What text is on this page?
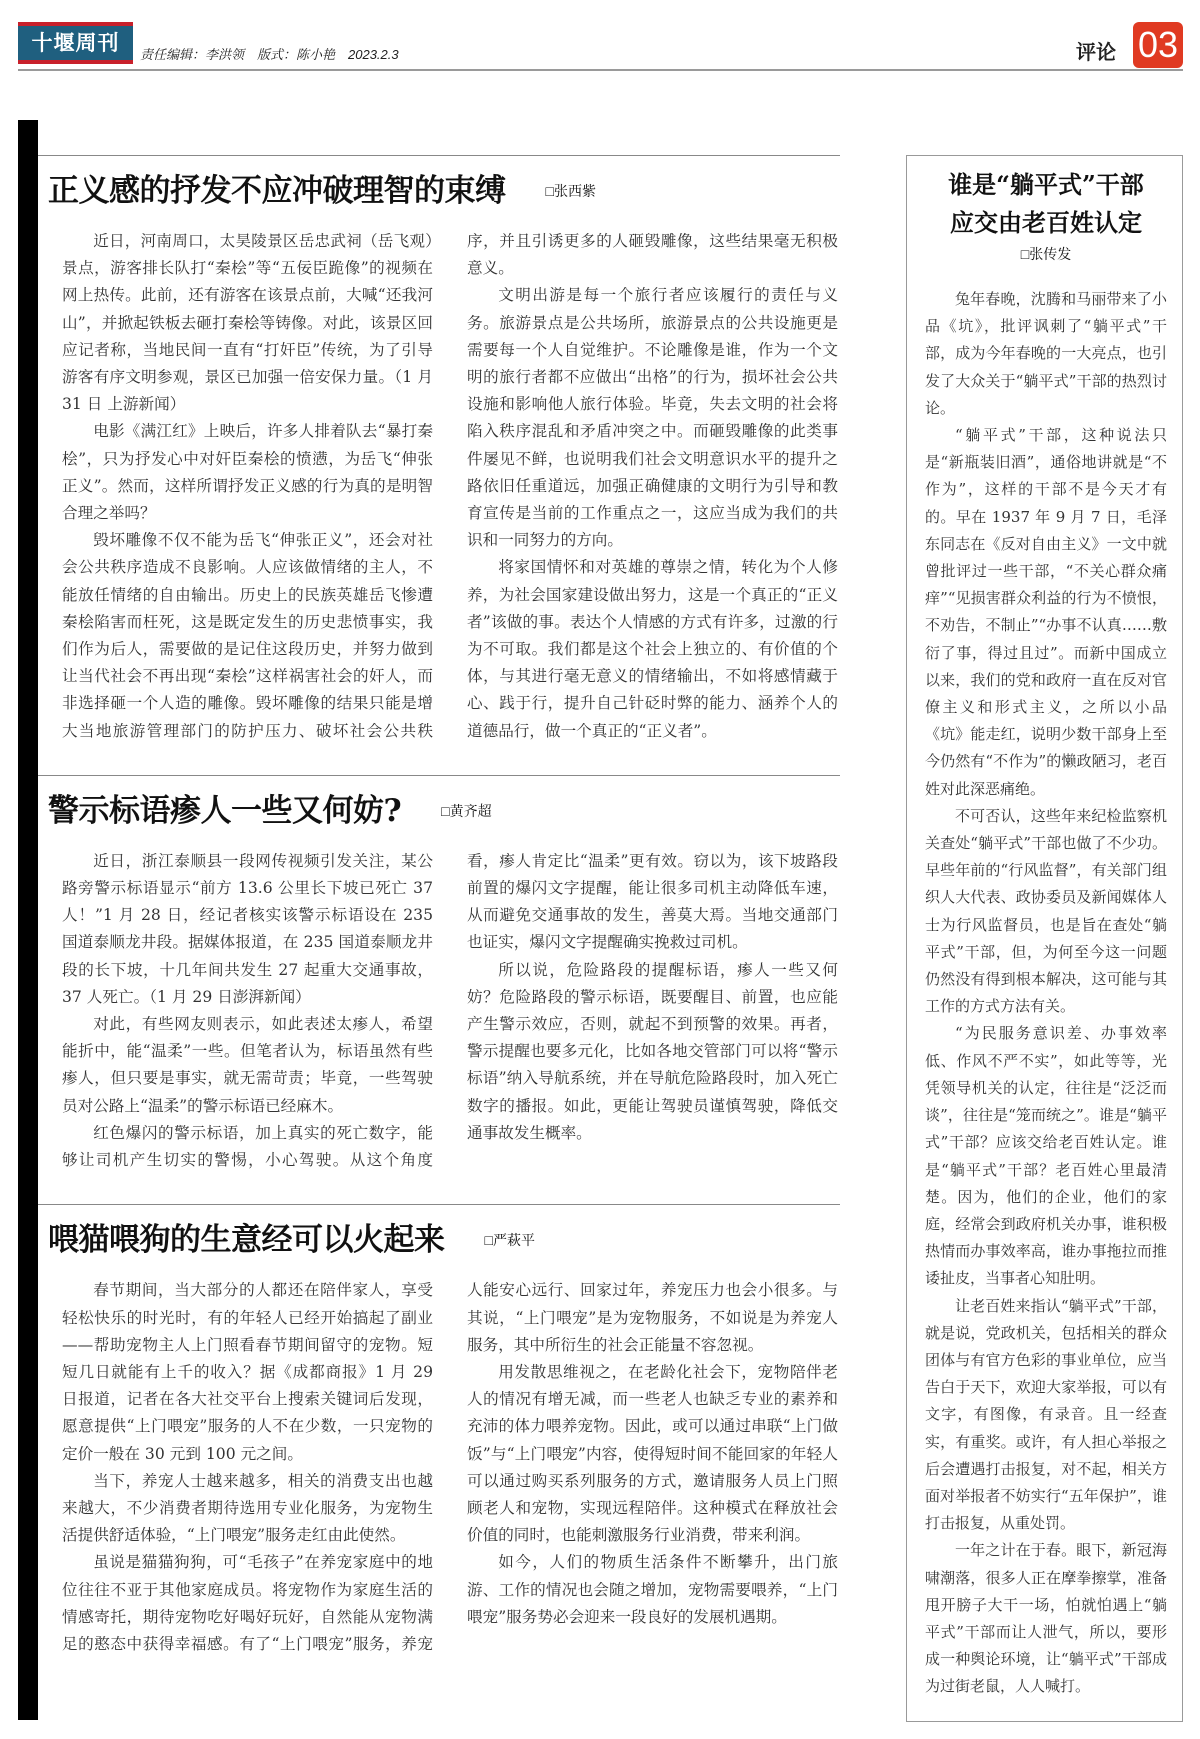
十堰周刊	责任编辑：李洪领　版式：陈小艳　2023.2.3	评论 03
正义感的抒发不应冲破理智的束缚	□张西紫

近日，河南周口，太昊陵景区岳忠武祠（岳飞观）景点，游客排长队打“秦桧”等“五佞臣跪像”的视频在网上热传。此前，还有游客在该景点前，大喊“还我河山”，并掀起铁板去砸打秦桧等铸像。对此，该景区回应记者称，当地民间一直有“打奸臣”传统，为了引导游客有序文明参观，景区已加强一倍安保力量。（1 月 31 日 上游新闻）

电影《满江红》上映后，许多人排着队去“暴打秦桧”，只为抒发心中对奸臣秦桧的愤懑，为岳飞“伸张正义”。然而，这样所谓抒发正义感的行为真的是明智合理之举吗？

毁坏雕像不仅不能为岳飞“伸张正义”，还会对社会公共秩序造成不良影响。人应该做情绪的主人，不能放任情绪的自由输出。历史上的民族英雄岳飞惨遭秦桧陷害而枉死，这是既定发生的历史悲愤事实，我们作为后人，需要做的是记住这段历史，并努力做到让当代社会不再出现“秦桧”这样祸害社会的奸人，而非选择砸一个人造的雕像。毁坏雕像的结果只能是增大当地旅游管理部门的防护压力、破坏社会公共秩序，并且引诱更多的人砸毁雕像，这些结果毫无积极意义。

文明出游是每一个旅行者应该履行的责任与义务。旅游景点是公共场所，旅游景点的公共设施更是需要每一个人自觉维护。不论雕像是谁，作为一个文明的旅行者都不应做出“出格”的行为，损坏社会公共设施和影响他人旅行体验。毕竟，失去文明的社会将陷入秩序混乱和矛盾冲突之中。而砸毁雕像的此类事件屡见不鲜，也说明我们社会文明意识水平的提升之路依旧任重道远，加强正确健康的文明行为引导和教育宣传是当前的工作重点之一，这应当成为我们的共识和一同努力的方向。

将家国情怀和对英雄的尊崇之情，转化为个人修养，为社会国家建设做出努力，这是一个真正的“正义者”该做的事。表达个人情感的方式有许多，过激的行为不可取。我们都是这个社会上独立的、有价值的个体，与其进行毫无意义的情绪输出，不如将感情藏于心、践于行，提升自己针砭时弊的能力、涵养个人的道德品行，做一个真正的“正义者”。

警示标语瘆人一些又何妨?	□黄齐超

近日，浙江泰顺县一段网传视频引发关注，某公路旁警示标语显示“前方 13.6 公里长下坡已死亡 37 人！”1 月 28 日，经记者核实该警示标语设在 235 国道泰顺龙井段。据媒体报道，在 235 国道泰顺龙井段的长下坡，十几年间共发生 27 起重大交通事故，37 人死亡。（1 月 29 日澎湃新闻）

对此，有些网友则表示，如此表述太瘆人，希望能折中，能“温柔”一些。但笔者认为，标语虽然有些瘆人，但只要是事实，就无需苛责；毕竟，一些驾驶员对公路上“温柔”的警示标语已经麻木。

红色爆闪的警示标语，加上真实的死亡数字，能够让司机产生切实的警惕，小心驾驶。从这个角度看，瘆人肯定比“温柔”更有效。窃以为，该下坡路段前置的爆闪文字提醒，能让很多司机主动降低车速，从而避免交通事故的发生，善莫大焉。当地交通部门也证实，爆闪文字提醒确实挽救过司机。

所以说，危险路段的提醒标语，瘆人一些又何妨？危险路段的警示标语，既要醒目、前置，也应能产生警示效应，否则，就起不到预警的效果。再者，警示提醒也要多元化，比如各地交管部门可以将“警示标语”纳入导航系统，并在导航危险路段时，加入死亡数字的播报。如此，更能让驾驶员谨慎驾驶，降低交通事故发生概率。

喂猫喂狗的生意经可以火起来	□严萩平

春节期间，当大部分的人都还在陪伴家人，享受轻松快乐的时光时，有的年轻人已经开始搞起了副业——帮助宠物主人上门照看春节期间留守的宠物。短短几日就能有上千的收入？据《成都商报》1 月 29 日报道，记者在各大社交平台上搜索关键词后发现，愿意提供“上门喂宠”服务的人不在少数，一只宠物的定价一般在 30 元到 100 元之间。

当下，养宠人士越来越多，相关的消费支出也越来越大，不少消费者期待选用专业化服务，为宠物生活提供舒适体验，“上门喂宠”服务走红由此使然。

虽说是猫猫狗狗，可“毛孩子”在养宠家庭中的地位往往不亚于其他家庭成员。将宠物作为家庭生活的情感寄托，期待宠物吃好喝好玩好，自然能从宠物满足的憨态中获得幸福感。有了“上门喂宠”服务，养宠人能安心远行、回家过年，养宠压力也会小很多。与其说，“上门喂宠”是为宠物服务，不如说是为养宠人服务，其中所衍生的社会正能量不容忽视。

用发散思维视之，在老龄化社会下，宠物陪伴老人的情况有增无减，而一些老人也缺乏专业的素养和充沛的体力喂养宠物。因此，或可以通过串联“上门做饭”与“上门喂宠”内容，使得短时间不能回家的年轻人可以通过购买系列服务的方式，邀请服务人员上门照顾老人和宠物，实现远程陪伴。这种模式在释放社会价值的同时，也能刺激服务行业消费，带来利润。

如今，人们的物质生活条件不断攀升，出门旅游、工作的情况也会随之增加，宠物需要喂养，“上门喂宠”服务势必会迎来一段良好的发展机遇期。

谁是“躺平式”干部
应交由老百姓认定
□张传发

兔年春晚，沈腾和马丽带来了小品《坑》，批评讽刺了“躺平式”干部，成为今年春晚的一大亮点，也引发了大众关于“躺平式”干部的热烈讨论。

“躺平式”干部，这种说法只是“新瓶装旧酒”，通俗地讲就是“不作为”，这样的干部不是今天才有的。早在 1937 年 9 月 7 日，毛泽东同志在《反对自由主义》一文中就曾批评过一些干部，“不关心群众痛痒”“见损害群众利益的行为不愤恨，不劝告，不制止”“办事不认真……敷衍了事，得过且过”。而新中国成立以来，我们的党和政府一直在反对官僚主义和形式主义，之所以小品《坑》能走红，说明少数干部身上至今仍然有“不作为”的懒政陋习，老百姓对此深恶痛绝。

不可否认，这些年来纪检监察机关查处“躺平式”干部也做了不少功。早些年前的“行风监督”，有关部门组织人大代表、政协委员及新闻媒体人士为行风监督员，也是旨在查处“躺平式”干部，但，为何至今这一问题仍然没有得到根本解决，这可能与其工作的方式方法有关。

“为民服务意识差、办事效率低、作风不严不实”，如此等等，光凭领导机关的认定，往往是“泛泛而谈”，往往是“笼而统之”。谁是“躺平式”干部？应该交给老百姓认定。谁是“躺平式”干部？老百姓心里最清楚。因为，他们的企业，他们的家庭，经常会到政府机关办事，谁积极热情而办事效率高，谁办事拖拉而推诿扯皮，当事者心知肚明。

让老百姓来指认“躺平式”干部，就是说，党政机关，包括相关的群众团体与有官方色彩的事业单位，应当告白于天下，欢迎大家举报，可以有文字，有图像，有录音。且一经查实，有重奖。或许，有人担心举报之后会遭遇打击报复，对不起，相关方面对举报者不妨实行“五年保护”，谁打击报复，从重处罚。

一年之计在于春。眼下，新冠海啸潮落，很多人正在摩拳擦掌，准备甩开膀子大干一场，怕就怕遇上“躺平式”干部而让人泄气，所以，要形成一种舆论环境，让“躺平式”干部成为过街老鼠，人人喊打。
